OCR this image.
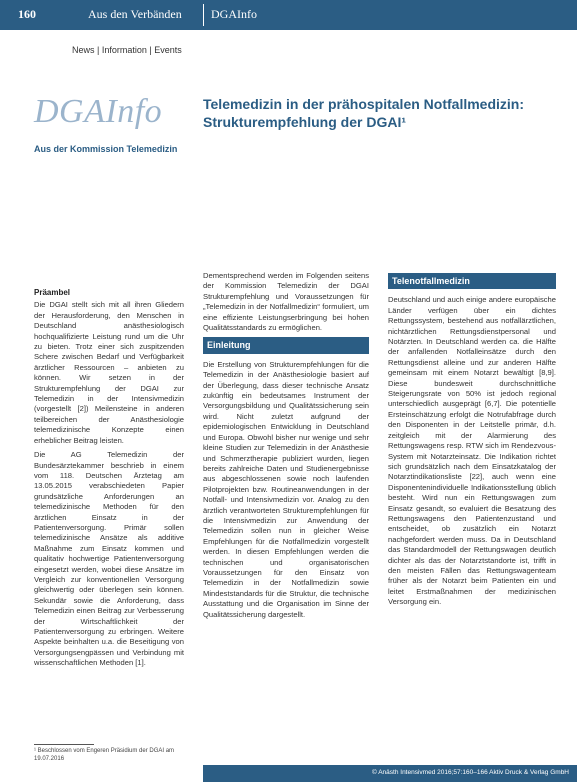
160	Aus den Verbänden DGAInfo
News | Information | Events
DGAInfo
Aus der Kommission Telemedizin
Telemedizin in der prähospitalen Notfallmedizin:
Strukturempfehlung der DGAI¹
Präambel

Die DGAI stellt sich mit all ihren Gliedern der Herausforderung, den Menschen in Deutschland anästhesiologisch hochqualifizierte Leistung rund um die Uhr zu bieten. Trotz einer sich zuspitzenden Schere zwischen Bedarf und Verfügbarkeit ärztlicher Ressourcen – anbieten zu können. Wir setzen in der Strukturempfehlung der DGAI zur Telemedizin in der Intensivmedizin (vorgestellt [2]) Meilensteine in anderen teilbereichen der Anästhesiologie telemedizinische Konzepte einen erheblicher Beitrag leisten.

Die AG Telemedizin der Bundesärztekammer beschrieb in einem vom 118. Deutschen Ärztetag am 13.05.2015 verabschiedeten Papier grundsätzliche Anforderungen an telemedizinische Methoden für den ärztlichen Einsatz in der Patientenversorgung. Primär sollen telemedizinische Ansätze als additive Maßnahme zum Einsatz kommen und qualitativ hochwertige Patientenversorgung eingesetzt werden, wobei diese Ansätze im Vergleich zur konventionellen Versorgung gleichwertig oder überlegen sein können. Sekundär sowie die Anforderung, dass Telemedizin einen Beitrag zur Verbesserung der Wirtschaftlichkeit der Patientenversorgung zu erbringen. Weitere Aspekte beinhalten u.a. die Beseitigung von Versorgungsengpässen und Verbindung mit wissenschaftlichen Methoden [1].

¹ Beschlossen vom Engeren Präsidium der DGAI am 19.07.2016

Dementsprechend werden im Folgenden seitens der Kommission Telemedizin der DGAI Strukturempfehlung und Voraussetzungen für „Telemedizin in der Notfallmedizin“ formuliert, um eine effiziente Leistungserbringung bei hohen Qualitätsstandards zu ermöglichen.

Einleitung

Die Erstellung von Strukturempfehlungen für die Telemedizin in der Anästhesiologie basiert auf der Überlegung, dass dieser technische Ansatz zukünftig ein bedeutsames Instrument der Versorgungsbildung und Qualitätssicherung sein wird. Nicht zuletzt aufgrund der epidemiologischen Entwicklung in Deutschland und Europa. Obwohl bisher nur wenige und sehr kleine Studien zur Telemedizin in der Anästhesie und Schmerztherapie publiziert wurden, liegen bereits zahlreiche Daten und Studienergebnisse aus abgeschlossenen sowie noch laufenden Pilotprojekten bzw. Routineanwendungen in der Notfall- und Intensivmedizin vor. Analog zu den ärztlich verantworteten Strukturempfehlungen für die Intensivmedizin zur Anwendung der Telemedizin sollen nun in gleicher Weise Empfehlungen für die Notfallmedizin vorgestellt werden. In diesen Empfehlungen werden die technischen und organisatorischen Voraussetzungen für den Einsatz von Telemedizin in der Notfallmedizin sowie Mindeststandards für die Struktur, die technische Ausstattung und die Organisation im Sinne der Qualitätssicherung dargestellt.

Telenotfallmedizin

Deutschland und auch einige andere europäische Länder verfügen über ein dichtes Rettungssystem, bestehend aus notfallärztlichen, nichtärztlichen Rettungsdienstpersonal und Notärzten. In Deutschland werden ca. die Hälfte der anfallenden Notfalleinsätze durch den Rettungsdienst alleine und zur anderen Hälfte gemeinsam mit einem Notarzt bewältigt [8,9]. Diese bundesweit durchschnittliche Steigerungsrate von 50% ist jedoch regional unterschiedlich ausgeprägt [6,7]. Die potentielle Ersteinschätzung erfolgt die Notrufabfrage durch den Disponenten in der Leitstelle primär, d.h. zeitgleich mit der Alarmierung des Rettungswagens resp. RTW sich im Rendezvous-System mit Notarzteinsatz. Die Indikation richtet sich grundsätzlich nach dem Einsatzkatalog der Notarztindikationsliste [22], auch wenn eine Disponentenindividuelle Indikationsstellung üblich besteht. Wird nun ein Rettungswagen zum Einsatz gesandt, so evaluiert die Besatzung des Rettungswagens den Patientenzustand und entscheidet, ob zusätzlich ein Notarzt nachgefordert werden muss. Da in Deutschland das Standardmodell der Rettungswagen deutlich dichter als das der Notarztstandorte ist, trifft in den meisten Fällen das Rettungswagenteam früher als der Notarzt beim Patienten ein und leitet Erstmaßnahmen der medizinischen Versorgung ein.

© Anästh Intensivmed 2016;57:160–166 Aktiv Druck & Verlag GmbH
